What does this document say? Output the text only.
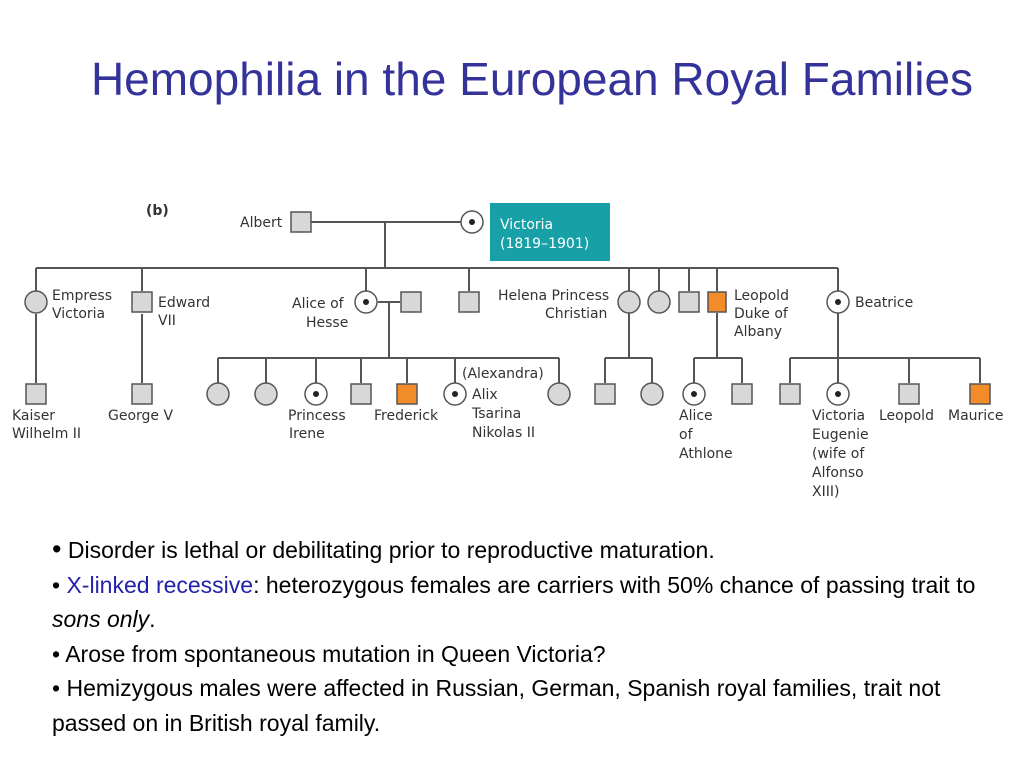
Hemophilia in the European Royal Families
(b)
Albert	Victoria (1819–1901)
Empress Victoria
Edward VII
Alice of Hesse
Helena Princess Christian
Leopold Duke of Albany
Beatrice
Kaiser Wilhelm II
George V	Princess Irene
Frederick
(Alexandra) Alix Tsarina Nikolas II
Alice of Athlone
Victoria Eugenie (wife of Alfonso XIII)
Leopold Maurice

• Disorder is lethal or debilitating prior to reproductive maturation.

• X-linked recessive: heterozygous females are carriers with 50% chance of passing trait to sons only.

• Arose from spontaneous mutation in Queen Victoria?

• Hemizygous males were affected in Russian, German, Spanish royal families, trait not passed on in British royal family.
